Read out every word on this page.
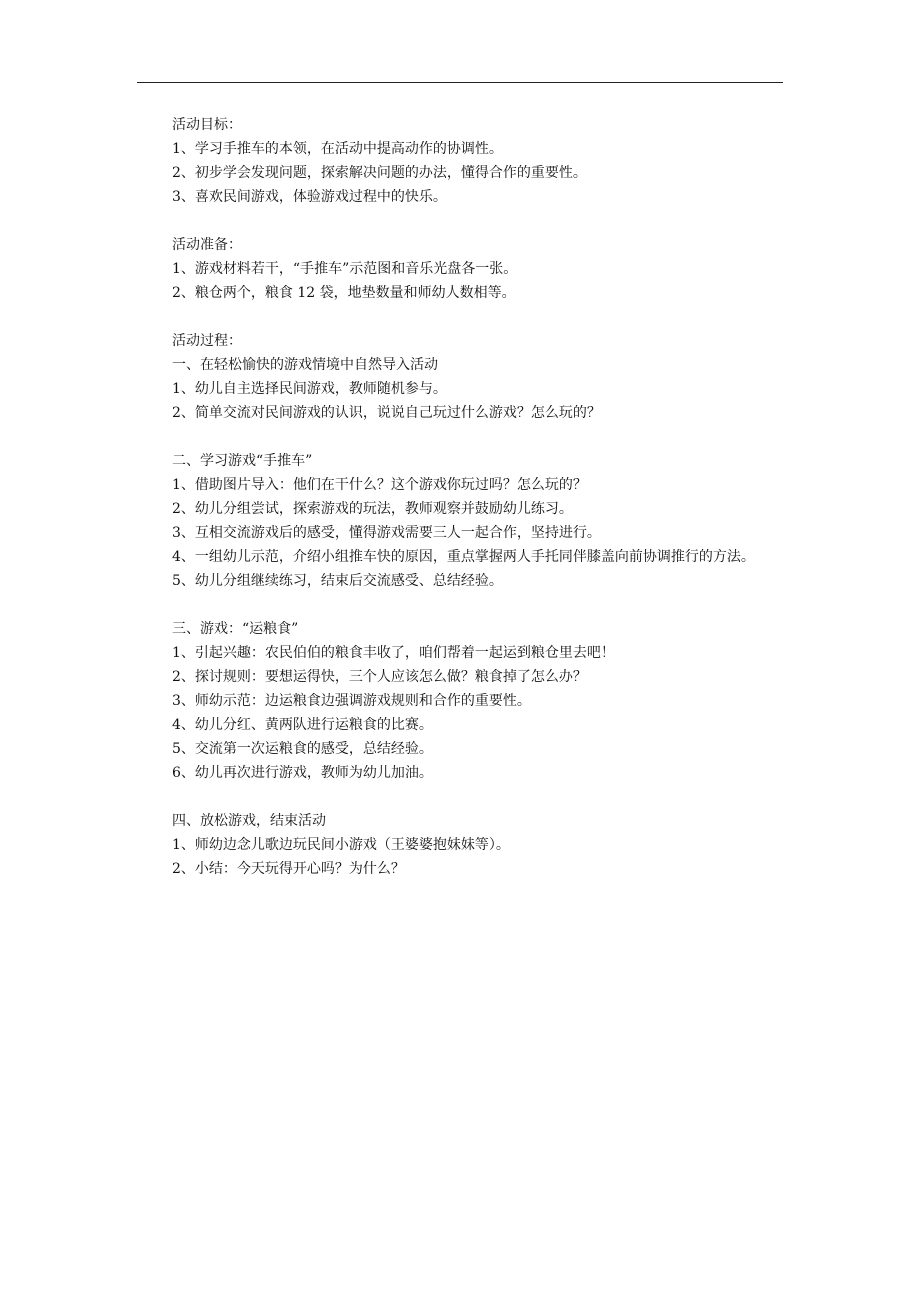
活动目标：

1、学习手推车的本领，在活动中提高动作的协调性。

2、初步学会发现问题，探索解决问题的办法，懂得合作的重要性。

3、喜欢民间游戏，体验游戏过程中的快乐。

活动准备：

1、游戏材料若干，“手推车”示范图和音乐光盘各一张。

2、粮仓两个，粮食 12 袋，地垫数量和师幼人数相等。

活动过程：

一、在轻松愉快的游戏情境中自然导入活动

1、幼儿自主选择民间游戏，教师随机参与。

2、简单交流对民间游戏的认识，说说自己玩过什么游戏？怎么玩的？

二、学习游戏“手推车”

1、借助图片导入：他们在干什么？这个游戏你玩过吗？怎么玩的？

2、幼儿分组尝试，探索游戏的玩法，教师观察并鼓励幼儿练习。

3、互相交流游戏后的感受，懂得游戏需要三人一起合作，坚持进行。

4、一组幼儿示范，介绍小组推车快的原因，重点掌握两人手托同伴膝盖向前协调推行的方法。

5、幼儿分组继续练习，结束后交流感受、总结经验。

三、游戏：“运粮食”

1、引起兴趣：农民伯伯的粮食丰收了，咱们帮着一起运到粮仓里去吧！

2、探讨规则：要想运得快，三个人应该怎么做？粮食掉了怎么办？

3、师幼示范：边运粮食边强调游戏规则和合作的重要性。

4、幼儿分红、黄两队进行运粮食的比赛。

5、交流第一次运粮食的感受，总结经验。

6、幼儿再次进行游戏，教师为幼儿加油。

四、放松游戏，结束活动

1、师幼边念儿歌边玩民间小游戏（王婆婆抱妹妹等）。

2、小结：今天玩得开心吗？为什么？
